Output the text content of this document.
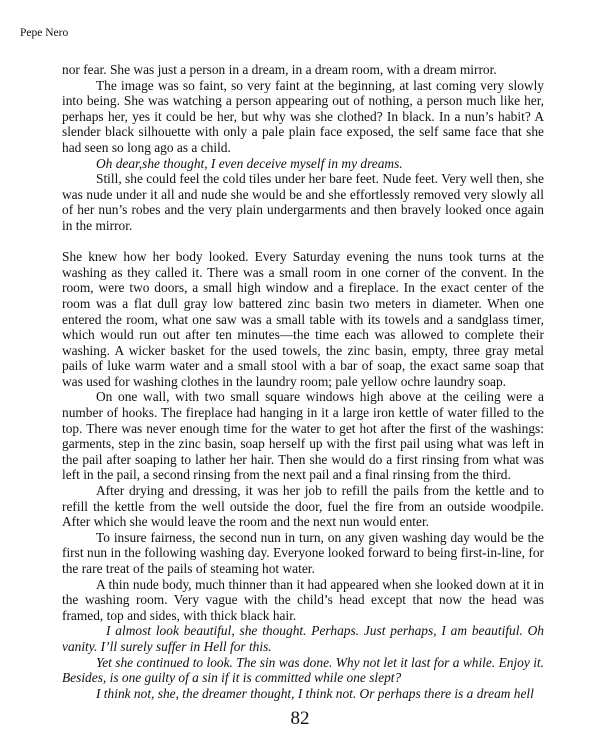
Pepe Nero

nor fear. She was just a person in a dream, in a dream room, with a dream mirror.

The image was so faint, so very faint at the beginning, at last coming very slowly into being. She was watching a person appearing out of nothing, a person much like her, perhaps her, yes it could be her, but why was she clothed? In black. In a nun’s habit? A slender black silhouette with only a pale plain face exposed, the self same face that she had seen so long ago as a child.

Oh dear,she thought, I even deceive myself in my dreams.

Still, she could feel the cold tiles under her bare feet. Nude feet. Very well then, she was nude under it all and nude she would be and she effortlessly removed very slowly all of her nun’s robes and the very plain undergarments and then bravely looked once again in the mirror.

She knew how her body looked. Every Saturday evening the nuns took turns at the washing as they called it. There was a small room in one corner of the convent. In the room, were two doors, a small high window and a fireplace. In the exact center of the room was a flat dull gray low battered zinc basin two meters in diameter. When one entered the room, what one saw was a small table with its towels and a sandglass timer, which would run out after ten minutes—the time each was allowed to complete their washing. A wicker basket for the used towels, the zinc basin, empty, three gray metal pails of luke warm water and a small stool with a bar of soap, the exact same soap that was used for washing clothes in the laundry room; pale yellow ochre laundry soap.

On one wall, with two small square windows high above at the ceiling were a number of hooks. The fireplace had hanging in it a large iron kettle of water filled to the top. There was never enough time for the water to get hot after the first of the washings: garments, step in the zinc basin, soap herself up with the first pail using what was left in the pail after soaping to lather her hair. Then she would do a first rinsing from what was left in the pail, a second rinsing from the next pail and a final rinsing from the third.

After drying and dressing, it was her job to refill the pails from the kettle and to refill the kettle from the well outside the door, fuel the fire from an outside woodpile. After which she would leave the room and the next nun would enter.

To insure fairness, the second nun in turn, on any given washing day would be the first nun in the following washing day. Everyone looked forward to being first-in-line, for the rare treat of the pails of steaming hot water.

A thin nude body, much thinner than it had appeared when she looked down at it in the washing room. Very vague with the child’s head except that now the head was framed, top and sides, with thick black hair.

I almost look beautiful, she thought. Perhaps. Just perhaps, I am beautiful. Oh vanity. I’ll surely suffer in Hell for this.

Yet she continued to look. The sin was done. Why not let it last for a while. Enjoy it. Besides, is one guilty of a sin if it is committed while one slept?

I think not, she, the dreamer thought, I think not. Or perhaps there is a dream hell

82
